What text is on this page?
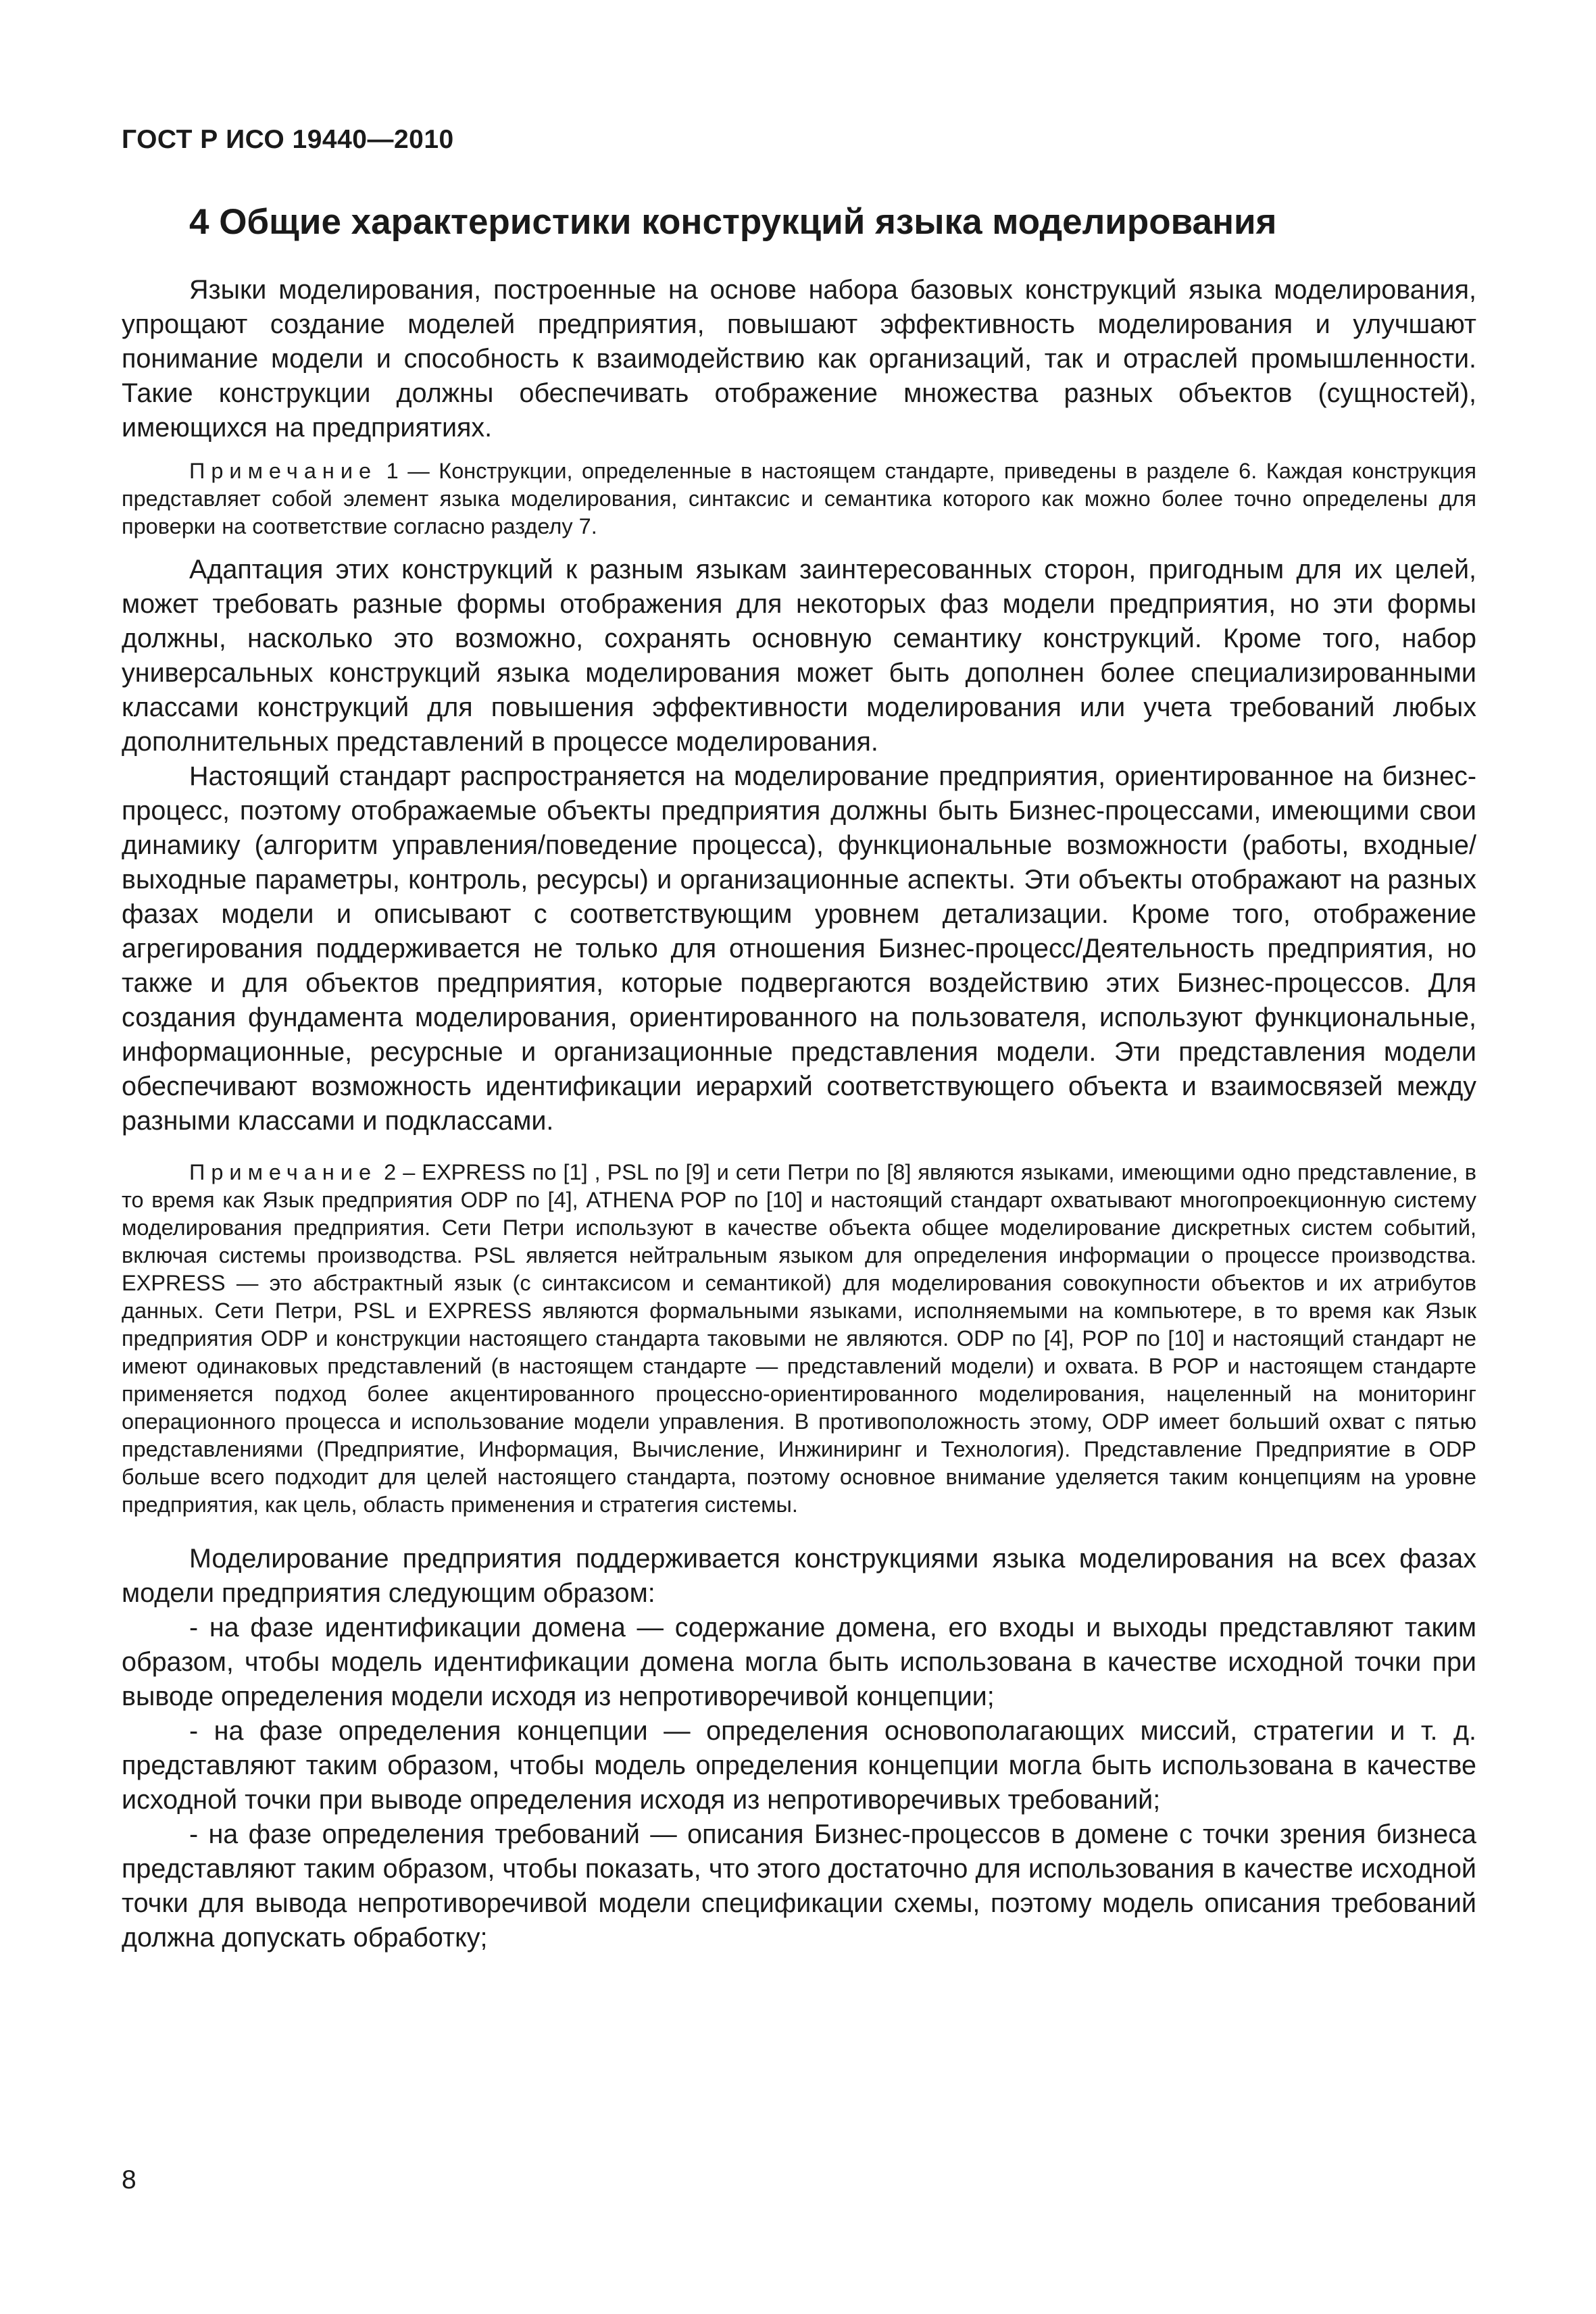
ГОСТ Р ИСО 19440—2010
4 Общие характеристики конструкций языка моделирования

Языки моделирования, построенные на основе набора базовых конструкций языка моделирования, упрощают создание моделей предприятия, повышают эффективность моделирования и улучшают понимание модели и способность к взаимодействию как организаций, так и отраслей промышленности. Такие конструкции должны обеспечивать отображение множества разных объектов (сущностей), имеющихся на предприятиях.

Примечание 1 — Конструкции, определенные в настоящем стандарте, приведены в разделе 6. Каждая конструкция представляет собой элемент языка моделирования, синтаксис и семантика которого как можно более точно определены для проверки на соответствие согласно разделу 7.

Адаптация этих конструкций к разным языкам заинтересованных сторон, пригодным для их целей, может требовать разные формы отображения для некоторых фаз модели предприятия, но эти формы должны, насколько это возможно, сохранять основную семантику конструкций. Кроме того, набор универсальных конструкций языка моделирования может быть дополнен более специализированными классами конструкций для повышения эффективности моделирования или учета требований любых дополнительных представлений в процессе моделирования.

Настоящий стандарт распространяется на моделирование предприятия, ориентированное на бизнес-процесс, поэтому отображаемые объекты предприятия должны быть Бизнес-процессами, имеющими свои динамику (алгоритм управления/поведение процесса), функциональные возможности (работы, входные/выходные параметры, контроль, ресурсы) и организационные аспекты. Эти объекты отображают на разных фазах модели и описывают с соответствующим уровнем детализации. Кроме того, отображение агрегирования поддерживается не только для отношения Бизнес-процесс/Деятельность предприятия, но также и для объектов предприятия, которые подвергаются воздействию этих Бизнес-процессов. Для создания фундамента моделирования, ориентированного на пользователя, используют функциональные, информационные, ресурсные и организационные представления модели. Эти представления модели обеспечивают возможность идентификации иерархий соответствующего объекта и взаимосвязей между разными классами и подклассами.

Примечание 2 – EXPRESS по [1] , PSL по [9] и сети Петри по [8] являются языками, имеющими одно представление, в то время как Язык предприятия ODP по [4], ATHENA POP по [10] и настоящий стандарт охватывают многопроекционную систему моделирования предприятия. Сети Петри используют в качестве объекта общее моделирование дискретных систем событий, включая системы производства. PSL является нейтральным языком для определения информации о процессе производства. EXPRESS — это абстрактный язык (с синтаксисом и семантикой) для моделирования совокупности объектов и их атрибутов данных. Сети Петри, PSL и EXPRESS являются формальными языками, исполняемыми на компьютере, в то время как Язык предприятия ODP и конструкции настоящего стандарта таковыми не являются. ODP по [4], POP по [10] и настоящий стандарт не имеют одинаковых представлений (в настоящем стандарте — представлений модели) и охвата. В POP и настоящем стандарте применяется подход более акцентированного процессно-ориентированного моделирования, нацеленный на мониторинг операционного процесса и использование модели управления. В противоположность этому, ODP имеет больший охват с пятью представлениями (Предприятие, Информация, Вычисление, Инжиниринг и Технология). Представление Предприятие в ODP больше всего подходит для целей настоящего стандарта, поэтому основное внимание уделяется таким концепциям на уровне предприятия, как цель, область применения и стратегия системы.

Моделирование предприятия поддерживается конструкциями языка моделирования на всех фазах модели предприятия следующим образом:

- на фазе идентификации домена — содержание домена, его входы и выходы представляют таким образом, чтобы модель идентификации домена могла быть использована в качестве исходной точки при выводе определения модели исходя из непротиворечивой концепции;

- на фазе определения концепции — определения основополагающих миссий, стратегии и т. д. представляют таким образом, чтобы модель определения концепции могла быть использована в качестве исходной точки при выводе определения исходя из непротиворечивых требований;

- на фазе определения требований — описания Бизнес-процессов в домене с точки зрения бизнеса представляют таким образом, чтобы показать, что этого достаточно для использования в качестве исходной точки для вывода непротиворечивой модели спецификации схемы, поэтому модель описания требований должна допускать обработку;

8
